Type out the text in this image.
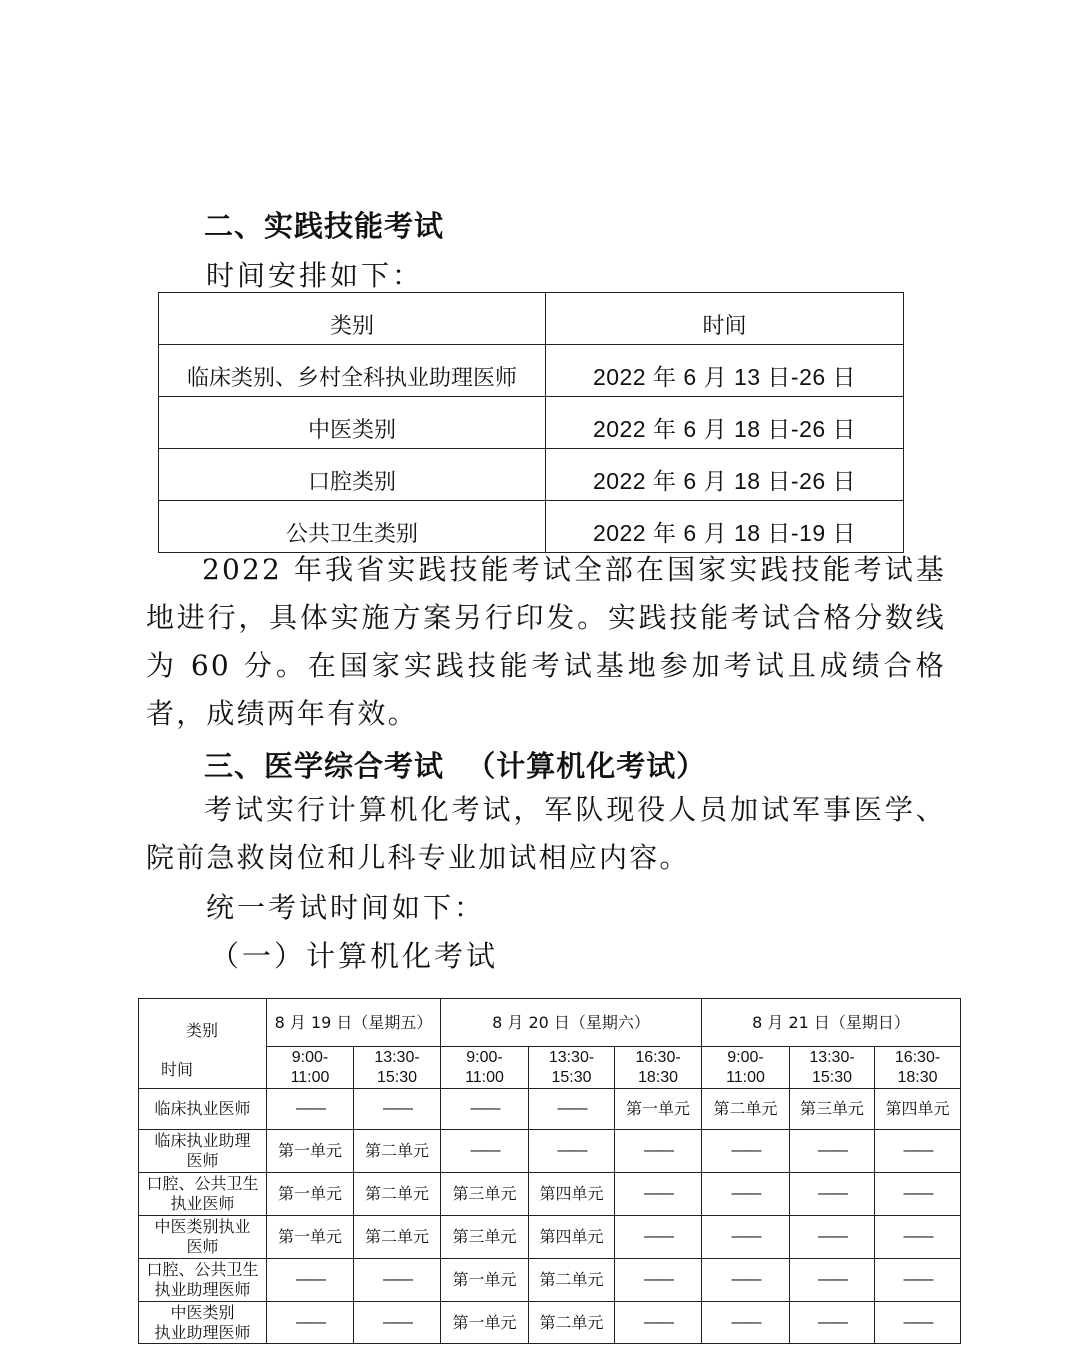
二、实践技能考试
时间安排如下：
类别	时间
临床类别、乡村全科执业助理医师	2022 年 6 月 13 日-26 日
中医类别	2022 年 6 月 18 日-26 日
口腔类别	2022 年 6 月 18 日-26 日
公共卫生类别	2022 年 6 月 18 日-19 日
2022 年我省实践技能考试全部在国家实践技能考试基地进行，具体实施方案另行印发。实践技能考试合格分数线为 60 分。在国家实践技能考试基地参加考试且成绩合格者，成绩两年有效。
三、医学综合考试  （计算机化考试）
考试实行计算机化考试，军队现役人员加试军事医学、院前急救岗位和儿科专业加试相应内容。
统一考试时间如下：
（一）计算机化考试
类别
时间	8 月 19 日（星期五）		8 月 20 日（星期六）			8 月 21 日（星期日）		
	9:00-
11:00	13:30-
15:30	9:00-
11:00	13:30-
15:30	16:30-
18:30	9:00-
11:00	13:30-
15:30	16:30-
18:30
临床执业医师	——	——	——	——	第一单元	第二单元	第三单元	第四单元
临床执业助理
医师	第一单元	第二单元	——	——	——	——	——	——
口腔、公共卫生
执业医师	第一单元	第二单元	第三单元	第四单元	——	——	——	——
中医类别执业
医师	第一单元	第二单元	第三单元	第四单元	——	——	——	——
口腔、公共卫生
执业助理医师	——	——	第一单元	第二单元	——	——	——	——
中医类别
执业助理医师	——	——	第一单元	第二单元	——	——	——	——
